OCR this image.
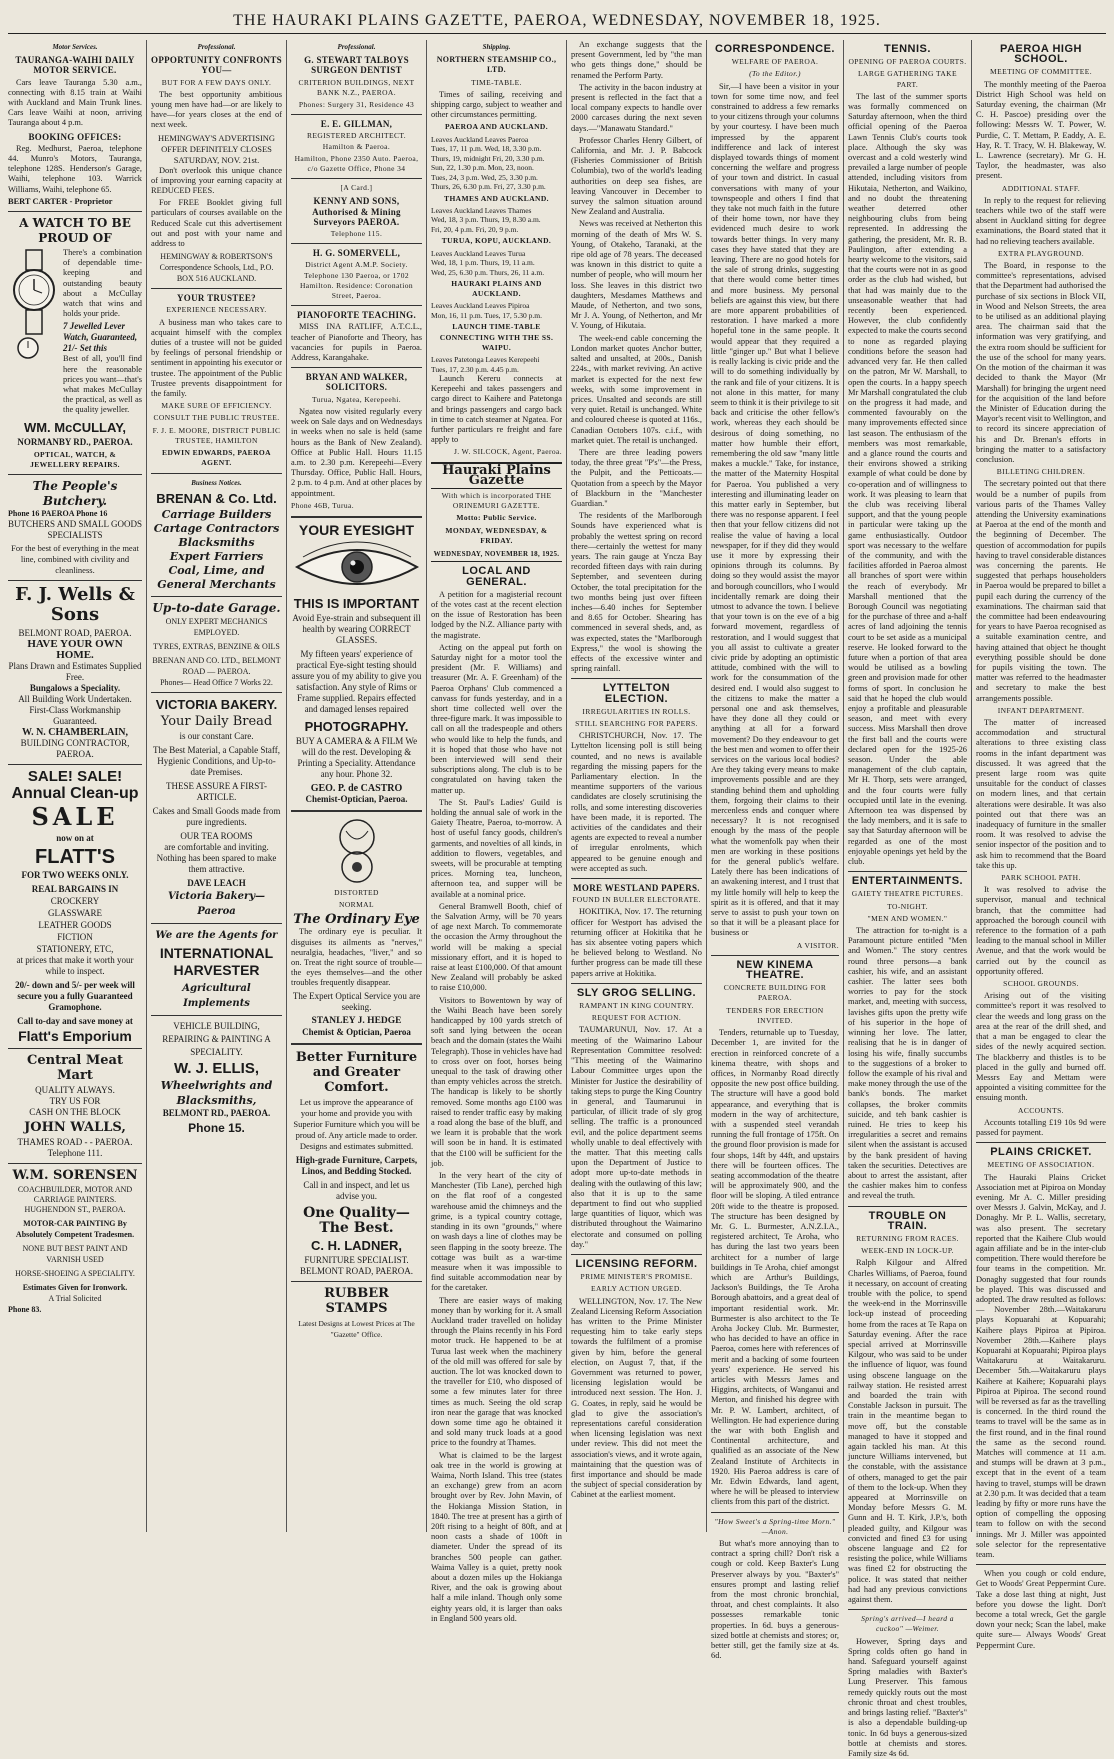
THE HAURAKI PLAINS GAZETTE, PAEROA, WEDNESDAY, NOVEMBER 18, 1925.
Motor Services.
TAURANGA-WAIHI DAILY MOTOR SERVICE.

Cars leave Tauranga 5.30 a.m., connecting with 8.15 train at Waihi with Auckland and Main Trunk lines. Cars leave Waihi at noon, arriving Tauranga about 4 p.m.

BOOKING OFFICES:

Reg. Medhurst, Paeroa, telephone 44. Munro's Motors, Tauranga, telephone 128S. Henderson's Garage, Waihi, telephone 103. Warrick Williams, Waihi, telephone 65.

BERT CARTER - Proprietor
A WATCH TO BE PROUD OF

There's a combination of dependable time-keeping and outstanding beauty about a McCullay watch that wins and holds your pride.

7 Jewelled Lever Watch, Guaranteed, 21/- Set this

Best of all, you'll find here the reasonable prices you want—that's what makes McCullay the practical, as well as the quality jeweller.

WM. McCULLAY,
NORMANBY RD., PAEROA.
OPTICAL, WATCH, & JEWELLERY REPAIRS.
The People's Butchery.
Phone 16 PAEROA Phone 16
BUTCHERS AND SMALL GOODS SPECIALISTS
For the best of everything in the meat line, combined with civility and cleanliness.
F. J. Wells & Sons
BELMONT ROAD, PAEROA.
HAVE YOUR OWN HOME.
Plans Drawn and Estimates Supplied Free.
Bungalows a Speciality.
All Building Work Undertaken.
First-Class Workmanship Guaranteed.
W. N. CHAMBERLAIN,
BUILDING CONTRACTOR, PAEROA.
SALE! SALE!
Annual Clean-up
SALE
now on at
FLATT'S
FOR TWO WEEKS ONLY.
REAL BARGAINS IN
CROCKERY
GLASSWARE
LEATHER GOODS
FICTION
STATIONERY, ETC,
at prices that make it worth your while to inspect.
20/- down and 5/- per week will secure you a fully Guaranteed Gramophone.
Call to-day and save money at
Flatt's Emporium
Central Meat Mart
QUALITY ALWAYS.
TRY US FOR
CASH ON THE BLOCK
JOHN WALLS,
THAMES ROAD - - PAEROA.
Telephone 111.
W.M. SORENSEN
COACHBUILDER, MOTOR AND CARRIAGE PAINTERS. HUGHENDON ST., PAEROA.
MOTOR-CAR PAINTING By Absolutely Competent Tradesmen.
NONE BUT BEST PAINT AND VARNISH USED
HORSE-SHOEING A SPECIALITY.
Estimates Given for Ironwork.
A Trial Solicited
Phone 83.
Professional.
OPPORTUNITY CONFRONTS YOU—
BUT FOR A FEW DAYS ONLY.

The best opportunity ambitious young men have had—or are likely to have—for years closes at the end of next week.

HEMINGWAY'S ADVERTISING OFFER DEFINITELY CLOSES SATURDAY, NOV. 21st.

Don't overlook this unique chance of improving your earning capacity at REDUCED FEES.

For FREE Booklet giving full particulars of courses available on the Reduced Scale cut this advertisement out and post with your name and address to

HEMINGWAY & ROBERTSON'S Correspondence Schools, Ltd., P.O. BOX 516 AUCKLAND.
YOUR TRUSTEE?
EXPERIENCE NECESSARY.

A business man who takes care to acquaint himself with the complex duties of a trustee will not be guided by feelings of personal friendship or sentiment in appointing his executor or trustee. The appointment of the Public Trustee prevents disappointment for the family.

MAKE SURE OF EFFICIENCY.
CONSULT THE PUBLIC TRUSTEE.
F. J. E. MOORE, DISTRICT PUBLIC TRUSTEE, HAMILTON
EDWIN EDWARDS, PAEROA AGENT.
Business Notices.
BRENAN & Co. Ltd.
Carriage Builders
Cartage Contractors
Blacksmiths
Expert Farriers
Coal, Lime, and
General Merchants
Up-to-date Garage.
ONLY EXPERT MECHANICS EMPLOYED.
TYRES, EXTRAS, BENZINE & OILS
BRENAN AND CO. LTD., BELMONT ROAD — PAEROA.
Phones— Head Office 7 Works 22.
VICTORIA BAKERY.
Your Daily Bread
is our constant Care.
The Best Material, a Capable Staff, Hygienic Conditions, and Up-to-date Premises.
THESE ASSURE A FIRST-ARTICLE.
Cakes and Small Goods made from pure ingredients.
OUR TEA ROOMS
are comfortable and inviting. Nothing has been spared to make them attractive.
DAVE LEACH
Victoria Bakery—Paeroa
We are the Agents for
INTERNATIONAL HARVESTER
Agricultural Implements
VEHICLE BUILDING, REPAIRING & PAINTING A SPECIALITY.
W. J. ELLIS,
Wheelwrights and Blacksmiths,
BELMONT RD., PAEROA.
Phone 15.
Professional.
G. STEWART TALBOYS SURGEON DENTIST
CRITERION BUILDINGS, NEXT BANK N.Z., PAEROA.
Phones: Surgery 31, Residence 43
E. E. GILLMAN,
REGISTERED ARCHITECT. Hamilton & Paeroa.
Hamilton, Phone 2350 Auto. Paeroa, c/o Gazette Office, Phone 34
[A Card.]
KENNY AND SONS, Authorised & Mining Surveyors PAEROA.
Telephone 115.
H. G. SOMERVELL,
District Agent A.M.P. Society. Telephone 130 Paeroa, or 1702 Hamilton. Residence: Coronation Street, Paeroa.
PIANOFORTE TEACHING.

MISS INA RATLIFF, A.T.C.L., teacher of Pianoforte and Theory, has vacancies for pupils in Paeroa. Address, Karangahake.

BRYAN AND WALKER, SOLICITORS.
Turua, Ngatea, Kerepeehi.

Ngatea now visited regularly every week on Sale days and on Wednesdays in weeks when no sale is held (same hours as the Bank of New Zealand). Office at Public Hall. Hours 11.15 a.m. to 2.30 p.m. Kerepeehi—Every Thursday. Office, Public Hall. Hours, 2 p.m. to 4 p.m. And at other places by appointment.

Phone 46B, Turua.
YOUR EYESIGHT
THIS IS IMPORTANT
Avoid Eye-strain and subsequent ill health by wearing CORRECT GLASSES.
My fifteen years' experience of practical Eye-sight testing should assure you of my ability to give you satisfaction. Any style of Rims or Frame supplied. Repairs effected and damaged lenses repaired
PHOTOGRAPHY.
BUY A CAMERA & A FILM We will do the rest. Developing & Printing a Speciality. Attendance any hour. Phone 32.
GEO. P. de CASTRO
Chemist-Optician, Paeroa.
DISTORTED
NORMAL
The Ordinary Eye

The ordinary eye is peculiar. It disguises its ailments as "nerves," neuralgia, headaches, "liver," and so on. Treat the right source of trouble—the eyes themselves—and the other troubles frequently disappear.

The Expert Optical Service you are seeking.
STANLEY J. HEDGE
Chemist & Optician, Paeroa
Better Furniture and Greater Comfort.
Let us improve the appearance of your home and provide you with Superior Furniture which you will be proud of. Any article made to order. Designs and estimates submitted.
High-grade Furniture, Carpets, Linos, and Bedding Stocked.
Call in and inspect, and let us advise you.
One Quality—The Best.
C. H. LADNER,
FURNITURE SPECIALIST. BELMONT ROAD, PAEROA.
RUBBER STAMPS
Latest Designs at Lowest Prices at The "Gazette" Office.
Shipping.
NORTHERN STEAMSHIP CO., LTD.
TIME-TABLE.

Times of sailing, receiving and shipping cargo, subject to weather and other circumstances permitting.

PAEROA AND AUCKLAND.
Leaves Auckland Leaves Paeroa
Tues, 17, 11 p.m. Wed, 18, 3.30 p.m.
Thurs, 19, midnight Fri, 20, 3.30 p.m.
Sun, 22, 1.30 p.m. Mon, 23, noon.
Tues, 24, 3 p.m. Wed, 25, 3.30 p.m.
Thurs, 26, 6.30 p.m. Fri, 27, 3.30 p.m.
THAMES AND AUCKLAND.
Leaves Auckland Leaves Thames
Wed, 18, 3 p.m. Thurs, 19, 8.30 a.m.
Fri, 20, 4 p.m. Fri, 20, 9 p.m.
TURUA, KOPU, AUCKLAND.
Leaves Auckland Leaves Turua
Wed, 18, 1 p.m. Thurs, 19, 11 a.m.
Wed, 25, 6.30 p.m. Thurs, 26, 11 a.m.
HAURAKI PLAINS AND AUCKLAND.
Leaves Auckland Leaves Pipiroa
Mon, 16, 11 p.m. Tues, 17, 5.30 p.m.
LAUNCH TIME-TABLE CONNECTING WITH THE SS. WAIPU.
Leaves Patetonga Leaves Kerepeehi
Tues, 17, 2.30 p.m. 4.45 p.m.

Launch Kereru connects at Kerepeehi and takes passengers and cargo direct to Kaihere and Patetonga and brings passengers and cargo back in time to catch steamer at Ngatea. For further particulars re freight and fare apply to

J. W. SILCOCK, Agent, Paeroa.
Hauraki Plains Gazette
With which is incorporated THE ORINEMURI GAZETTE.
Motto: Public Service.
MONDAY, WEDNESDAY, & FRIDAY.
WEDNESDAY, NOVEMBER 18, 1925.
LOCAL AND GENERAL.

A petition for a magisterial recount of the votes cast at the recent election on the issue of Restoration has been lodged by the N.Z. Alliance party with the magistrate.

Acting on the appeal put forth on Saturday night for a motor tool the president (Mr. F. Williams) and treasurer (Mr. A. F. Greenham) of the Paeroa Orphans' Club commenced a canvass for funds yesterday, and in a short time collected well over the three-figure mark. It was impossible to call on all the tradespeople and others who would like to help the funds, and it is hoped that those who have not been interviewed will send their subscriptions along. The club is to be congratulated on having taken the matter up.

The St. Paul's Ladies' Guild is holding the annual sale of work in the Gaiety Theatre, Paeroa, to-morrow. A host of useful fancy goods, children's garments, and novelties of all kinds, in addition to flowers, vegetables, and sweets, will be procurable at tempting prices. Morning tea, luncheon, afternoon tea, and supper will be available at a nominal price.

General Bramwell Booth, chief of the Salvation Army, will be 70 years of age next March. To commemorate the occasion the Army throughout the world will be making a special missionary effort, and it is hoped to raise at least £100,000. Of that amount New Zealand will probably be asked to raise £10,000.

Visitors to Bowentown by way of the Waihi Beach have been sorely handicapped by 100 yards stretch of soft sand lying between the ocean beach and the domain (states the Waihi Telegraph). Those in vehicles have had to cross over on foot, horses being unequal to the task of drawing other than empty vehicles across the stretch. The handicap is likely to be shortly removed. Some months ago £100 was raised to render traffic easy by making a road along the base of the bluff, and we learn it is probable that the work will soon be in hand. It is estimated that the £100 will be sufficient for the job.

In the very heart of the city of Manchester (Tib Lane), perched high on the flat roof of a congested warehouse amid the chimneys and the grime, is a typical country cottage, standing in its own "grounds," where on wash days a line of clothes may be seen flapping in the sooty breeze. The cottage was built as a war-time measure when it was impossible to find suitable accommodation near by for the caretaker.

There are easier ways of making money than by working for it. A small Auckland trader travelled on holiday through the Plains recently in his Ford motor truck. He happened to be at Turua last week when the machinery of the old mill was offered for sale by auction. The lot was knocked down to the traveller for £10, who disposed of some a few minutes later for three times as much. Seeing the old scrap iron near the garage that was knocked down some time ago he obtained it and sold many truck loads at a good price to the foundry at Thames.

What is claimed to be the largest oak tree in the world is growing at Waima, North Island. This tree (states an exchange) grew from an acorn brought over by Rev. John Mavin, of the Hokianga Mission Station, in 1840. The tree at present has a girth of 20ft rising to a height of 80ft, and at noon casts a shade of 100ft in diameter. Under the spread of its branches 500 people can gather. Waima Valley is a quiet, pretty nook about a dozen miles up the Hokianga River, and the oak is growing about half a mile inland. Though only some eighty years old, it is larger than oaks in England 500 years old.

An exchange suggests that the present Government, led by "the man who gets things done," should be renamed the Perform Party.

The activity in the bacon industry at present is reflected in the fact that a local company expects to handle over 2000 carcases during the next seven days.—"Manawatu Standard."

Professor Charles Henry Gilbert, of California, and Mr. J. P. Babcock (Fisheries Commissioner of British Columbia), two of the world's leading authorities on deep sea fishes, are leaving Vancouver in December to survey the salmon situation around New Zealand and Australia.

News was received at Netherton this morning of the death of Mrs W. S. Young, of Otakeho, Taranaki, at the ripe old age of 78 years. The deceased was known in this district to quite a number of people, who will mourn her loss. She leaves in this district two daughters, Mesdames Matthews and Maude, of Netherton, and two sons, Mr J. A. Young, of Netherton, and Mr V. Young, of Hikutaia.

The week-end cable concerning the London market quotes Anchor butter, salted and unsalted, at 200s., Danish 224s., with market reviving. An active market is expected for the next few weeks, with some improvement in prices. Unsalted and seconds are still very quiet. Retail is unchanged. White and coloured cheese is quoted at 116s., Canadian Octobers 107s. c.i.f., with market quiet. The retail is unchanged.

There are three leading powers today, the three great "P's"—the Press, the Pulpit, and the Petticoats.—Quotation from a speech by the Mayor of Blackburn in the "Manchester Guardian."

The residents of the Marlborough Sounds have experienced what is probably the wettest spring on record there—certainly the wettest for many years. The rain gauge at Yncza Bay recorded fifteen days with rain during September, and seventeen during October, the total precipitation for the two months being just over fifteen inches—6.40 inches for September and 8.65 for October. Shearing has commenced in several sheds, and, as was expected, states the "Marlborough Express," the wool is showing the effects of the excessive winter and spring rainfall.

LYTTELTON ELECTION.
IRREGULARITIES IN ROLLS.
STILL SEARCHING FOR PAPERS.

CHRISTCHURCH, Nov. 17. The Lyttelton licensing poll is still being counted, and no news is available regarding the missing papers for the Parliamentary election. In the meantime supporters of the various candidates are closely scrutinising the rolls, and some interesting discoveries have been made, it is reported. The activities of the candidates and their agents are expected to reveal a number of irregular enrolments, which appeared to be genuine enough and were accepted as such.

MORE WESTLAND PAPERS.
FOUND IN BULLER ELECTORATE.

HOKITIKA, Nov. 17. The returning officer for Westport has advised the returning officer at Hokitika that he has six absentee voting papers which he believed belong to Westland. No further progress can be made till these papers arrive at Hokitika.

SLY GROG SELLING.
RAMPANT IN KING COUNTRY.
REQUEST FOR ACTION.

TAUMARUNUI, Nov. 17. At a meeting of the Waimarino Labour Representation Committee resolved: "This meeting of the Waimarino Labour Committee urges upon the Minister for Justice the desirability of taking steps to purge the King Country in general, and Taumarunui in particular, of illicit trade of sly grog selling. The traffic is a pronounced evil, and the police department seems wholly unable to deal effectively with the matter. That this meeting calls upon the Department of Justice to adopt more up-to-date methods in dealing with the outlawing of this law; also that it is up to the same department to find out who supplied large quantities of liquor, which was distributed throughout the Waimarino electorate and consumed on polling day."

LICENSING REFORM.
PRIME MINISTER'S PROMISE.
EARLY ACTION URGED.

WELLINGTON, Nov. 17. The New Zealand Licensing Reform Association has written to the Prime Minister requesting him to take early steps towards the fulfilment of a promise given by him, before the general election, on August 7, that, if the Government was returned to power, licensing legislation would be introduced next session. The Hon. J. G. Coates, in reply, said he would be glad to give the association's representations careful consideration when licensing legislation was next under review. This did not meet the association's views, and it wrote again, maintaining that the question was of first importance and should be made the subject of special consideration by Cabinet at the earliest moment.

CORRESPONDENCE.
WELFARE OF PAEROA.
(To the Editor.)

Sir,—I have been a visitor in your town for some time now, and feel constrained to address a few remarks to your citizens through your columns by your courtesy. I have been much impressed by the apparent indifference and lack of interest displayed towards things of moment concerning the welfare and progress of your town and district. In casual conversations with many of your townspeople and others I find that they take not much faith in the future of their home town, nor have they evidenced much desire to work towards better things. In very many cases they have stated that they are leaving. There are no good hotels for the sale of strong drinks, suggesting that there would come better times and more business. My personal beliefs are against this view, but there are more apparent probabilities of restoration. I have marked a more hopeful tone in the same people. It would appear that they required a little "ginger up." But what I believe is really lacking is civic pride and the will to do something individually by the rank and file of your citizens. It is not alone in this matter, for many seem to think it is their privilege to sit back and criticise the other fellow's work, whereas they each should be desirous of doing something, no matter how humble their effort, remembering the old saw "many little makes a muckle." Take, for instance, the matter of the Maternity Hospital for Paeroa. You published a very interesting and illuminating leader on this matter early in September, but there was no response apparent. I feel then that your fellow citizens did not realise the value of having a local newspaper, for if they did they would use it more by expressing their opinions through its columns. By doing so they would assist the mayor and borough councillors, who I would incidentally remark are doing their utmost to advance the town. I believe that your town is on the eve of a big forward movement, regardless of restoration, and I would suggest that you all assist to cultivate a greater civic pride by adopting an optimistic attitude, combined with the will to work for the consummation of the desired end. I would also suggest to the citizens to make the matter a personal one and ask themselves, have they done all they could or anything at all for a forward movement? Do they endeavour to get the best men and women to offer their services on the various local bodies? Are they taking every means to make improvements possible and are they standing behind them and upholding them, forgoing their claims to their mercenless ends and conquer where necessary? It is not recognised enough by the mass of the people what the womenfolk pay when their men are working in these positions for the general public's welfare. Lately there has been indications of an awakening interest, and I trust that my little homily will help to keep the spirit as it is offered, and that it may serve to assist to push your town on so that it will be a pleasant place for business or

A VISITOR.
NEW KINEMA THEATRE.
CONCRETE BUILDING FOR PAEROA.
TENDERS FOR ERECTION INVITED.

Tenders, returnable up to Tuesday, December 1, are invited for the erection in reinforced concrete of a kinema theatre, with shops and offices, in Normanby Road directly opposite the new post office building. The structure will have a good bold appearance, and everything that is modern in the way of architecture, with a suspended steel verandah running the full frontage of 175ft. On the ground floor provision is made for four shops, 14ft by 44ft, and upstairs there will be fourteen offices. The seating accommodation of the theatre will be approximately 900, and the floor will be sloping. A tiled entrance 20ft wide to the theatre is proposed. The structure has been designed by Mr. G. L. Burmester, A.N.Z.I.A., registered architect, Te Aroha, who has during the last two years been architect for a number of large buildings in Te Aroha, chief amongst which are Arthur's Buildings, Jackson's Buildings, the Te Aroha Borough abattoirs, and a great deal of important residential work. Mr. Burmester is also architect to the Te Aroha Jockey Club. Mr. Burmester, who has decided to have an office in Paeroa, comes here with references of merit and a backing of some fourteen years' experience. He served his articles with Messrs James and Higgins, architects, of Wanganui and Merton, and finished his degree with Mr. P. W. Lambert, architect, of Wellington. He had experience during the war with both English and Continental architecture, and qualified as an associate of the New Zealand Institute of Architects in 1920. His Paeroa address is care of Mr. Edwin Edwards, land agent, where he will be pleased to interview clients from this part of the district.

"How Sweet's a Spring-time Morn." —Anon.

But what's more annoying than to contract a spring chill? Don't risk a cough or cold. Keep Baxter's Lung Preserver always by you. "Baxter's" ensures prompt and lasting relief from the most chronic bronchial, throat, and chest complaints. It also possesses remarkable tonic properties. In 6d. buys a generous-sized bottle at chemists and stores; or, better still, get the family size at 4s. 6d.

TENNIS.
OPENING OF PAEROA COURTS.
LARGE GATHERING TAKE PART.

The last of the summer sports was formally commenced on Saturday afternoon, when the third official opening of the Paeroa Lawn Tennis Club's courts took place. Although the sky was overcast and a cold westerly wind prevailed a large number of people attended, including visitors from Hikutaia, Netherton, and Waikino, and no doubt the threatening weather deterred other neighbouring clubs from being represented. In addressing the gathering, the president, Mr. R. B. Paulington, after extending a hearty welcome to the visitors, said that the courts were not in as good order as the club had wished, but that had was mainly due to the unseasonable weather that had recently been experienced. However, the club confidently expected to make the courts second to none as regarded playing conditions before the season had advanced very far. He then called on the patron, Mr W. Marshall, to open the courts. In a happy speech Mr Marshall congratulated the club on the progress it had made, and commented favourably on the many improvements effected since last season. The enthusiasm of the members was most remarkable, and a glance round the courts and their environs showed a striking example of what could be done by co-operation and of willingness to work. It was pleasing to learn that the club was receiving liberal support, and that the young people in particular were taking up the game enthusiastically. Outdoor sport was necessary to the welfare of the community, and with the facilities afforded in Paeroa almost all branches of sport were within the reach of everybody. Mr Marshall mentioned that the Borough Council was negotiating for the purchase of three and a-half acres of land adjoining the tennis court to be set aside as a municipal reserve. He looked forward to the future when a portion of that area would be utilised as a bowling green and provision made for other forms of sport. In conclusion he said that he hoped the club would enjoy a profitable and pleasurable season, and meet with every success. Miss Marshall then drove the first ball and the courts were declared open for the 1925-26 season. Under the able management of the club captain, Mr H. Thorp, sets were arranged, and the four courts were fully occupied until late in the evening. Afternoon tea was dispensed by the lady members, and it is safe to say that Saturday afternoon will be regarded as one of the most enjoyable openings yet held by the club.

ENTERTAINMENTS.
GAIETY THEATRE PICTURES.
TO-NIGHT.
"MEN AND WOMEN."

The attraction for to-night is a Paramount picture entitled "Men and Women." The story centres round three persons—a bank cashier, his wife, and an assistant cashier. The latter sees both worries to pay for the stock market, and, meeting with success, lavishes gifts upon the pretty wife of his superior in the hope of winning her love. The latter, realising that he is in danger of losing his wife, finally succumbs to the suggestions of a broker to follow the example of his rival and make money through the use of the bank's bonds. The market collapses, the broker commits suicide, and teh bank cashier is ruined. He tries to keep his irregularities a secret and remains silent when the assistant is accused by the bank president of having taken the securities. Detectives are about to arrest the assistant, after the cashier makes him to confess and reveal the truth.

TROUBLE ON TRAIN.
RETURNING FROM RACES.
WEEK-END IN LOCK-UP.

Ralph Kilgour and Alfred Charles Williams, of Paeroa, found it necessary, on account of creating trouble with the police, to spend the week-end in the Morrinsville lock-up instead of proceeding home from the races at Te Rapa on Saturday evening. After the race special arrived at Morrinsville Kilgour, who was said to be under the influence of liquor, was found using obscene language on the railway station. He resisted arrest and boarded the train with Constable Jackson in pursuit. The train in the meantime began to move off, but the constable managed to have it stopped and again tackled his man. At this juncture Williams intervened, but the constable, with the assistance of others, managed to get the pair of them to the lock-up. When they appeared at Morrinsville on Monday before Messrs G. M. Gunn and H. T. Kirk, J.P.'s, both pleaded guilty, and Kilgour was convicted and fined £3 for using obscene language and £2 for resisting the police, while Williams was fined £2 for obstructing the police. It was stated that neither had had any previous convictions against them.

Spring's arrived—I heard a cuckoo" —Weimer.

However, Spring days and Spring colds often go hand in hand. Safeguard yourself against Spring maladies with Baxter's Lung Preserver. This famous remedy quickly routs out the most chronic throat and chest troubles, and brings lasting relief. "Baxter's" is also a dependable building-up tonic. In 6d buys a generous-sized bottle at chemists and stores. Family size 4s 6d.

PAEROA HIGH SCHOOL.
MEETING OF COMMITTEE.

The monthly meeting of the Paeroa District High School was held on Saturday evening, the chairman (Mr C. H. Pascoe) presiding over the following: Messrs W. T. Power, W. Purdie, C. T. Mettam, P. Eaddy, A. E. Hay, R. T. Tracy, W. H. Blakeway, W. L. Lawrence (secretary). Mr G. H. Taylor, the headmaster, was also present.

ADDITIONAL STAFF.

In reply to the request for relieving teachers while two of the staff were absent in Auckland sitting for degree examinations, the Board stated that it had no relieving teachers available.

EXTRA PLAYGROUND.

The Board, in response to the committee's representations, advised that the Department had authorised the purchase of six sections in Block VII, in Wood and Nelson Streets, the area to be utilised as an additional playing area. The chairman said that the information was very gratifying, and the extra room should be sufficient for the use of the school for many years. On the motion of the chairman it was decided to thank the Mayor (Mr Marshall) for bringing the urgent need for the acquisition of the land before the Minister of Education during the Mayor's recent visit to Wellington, and to record its sincere appreciation of his and Dr. Brenan's efforts in bringing the matter to a satisfactory conclusion.

BILLETING CHILDREN.

The secretary pointed out that there would be a number of pupils from various parts of the Thames Valley attending the University examinations at Paeroa at the end of the month and the beginning of December. The question of accommodation for pupils having to travel considerable distances was concerning the parents. He suggested that perhaps householders in Paeroa would be prepared to billet a pupil each during the currency of the examinations. The chairman said that the committee had been endeavouring for years to have Paeroa recognised as a suitable examination centre, and having attained that object he thought everything possible should be done for pupils visiting the town. The matter was referred to the headmaster and secretary to make the best arrangements possible.

INFANT DEPARTMENT.

The matter of increased accommodation and structural alterations to three existing class rooms in the infant department was discussed. It was agreed that the present large room was quite unsuitable for the conduct of classes on modern lines, and that certain alterations were desirable. It was also pointed out that there was an inadequacy of furniture in the smaller room. It was resolved to advise the senior inspector of the position and to ask him to recommend that the Board take this up.

PARK SCHOOL PATH.

It was resolved to advise the supervisor, manual and technical branch, that the committee had approached the borough council with reference to the formation of a path leading to the manual school in Miller Avenue, and that the work would be carried out by the council as opportunity offered.

SCHOOL GROUNDS.

Arising out of the visiting committee's report it was resolved to clear the weeds and long grass on the area at the rear of the drill shed, and that a man be engaged to clear the sides of the newly acquired section. The blackberry and thistles is to be placed in the gully and burned off. Messrs Eay and Mettam were appointed a visiting committee for the ensuing month.

ACCOUNTS.

Accounts totalling £19 10s 9d were passed for payment.

PLAINS CRICKET.
MEETING OF ASSOCIATION.

The Hauraki Plains Cricket Association met at Pipiroa on Monday evening. Mr A. C. Miller presiding over Messrs J. Galvin, McKay, and J. Donaghy. Mr P. L. Wallis, secretary, was also present. The secretary reported that the Kaihere Club would again affiliate and be in the inter-club competition. There would therefore be four teams in the competition. Mr. Donaghy suggested that four rounds be played. This was discussed and adopted. The draw resulted as follows:— November 28th.—Waitakaruru plays Kopuarahi at Kopuarahi; Kaihere plays Pipiroa at Pipiroa. November 28th.—Kaihere plays Kopuarahi at Kopuarahi; Pipiroa plays Waitakaruru at Waitakaruru. December 5th.—Waitakaruru plays Kaihere at Kaihere; Kopuarahi plays Pipiroa at Pipiroa. The second round will be reversed as far as the travelling is concerned. In the third round the teams to travel will be the same as in the first round, and in the final round the same as the second round. Matches will commence at 11 a.m. and stumps will be drawn at 3 p.m., except that in the event of a team having to travel, stumps will be drawn at 2.30 p.m. It was decided that a team leading by fifty or more runs have the option of compelling the opposing team to follow on with the second innings. Mr J. Miller was appointed sole selector for the representative team.

When you cough or cold endure, Get to Woods' Great Peppermint Cure. Take a dose last thing at night, Just before you dowse the light. Don't become a total wreck, Get the gargle down your neck; Scan the label, make quite sure— Always Woods' Great Peppermint Cure.
